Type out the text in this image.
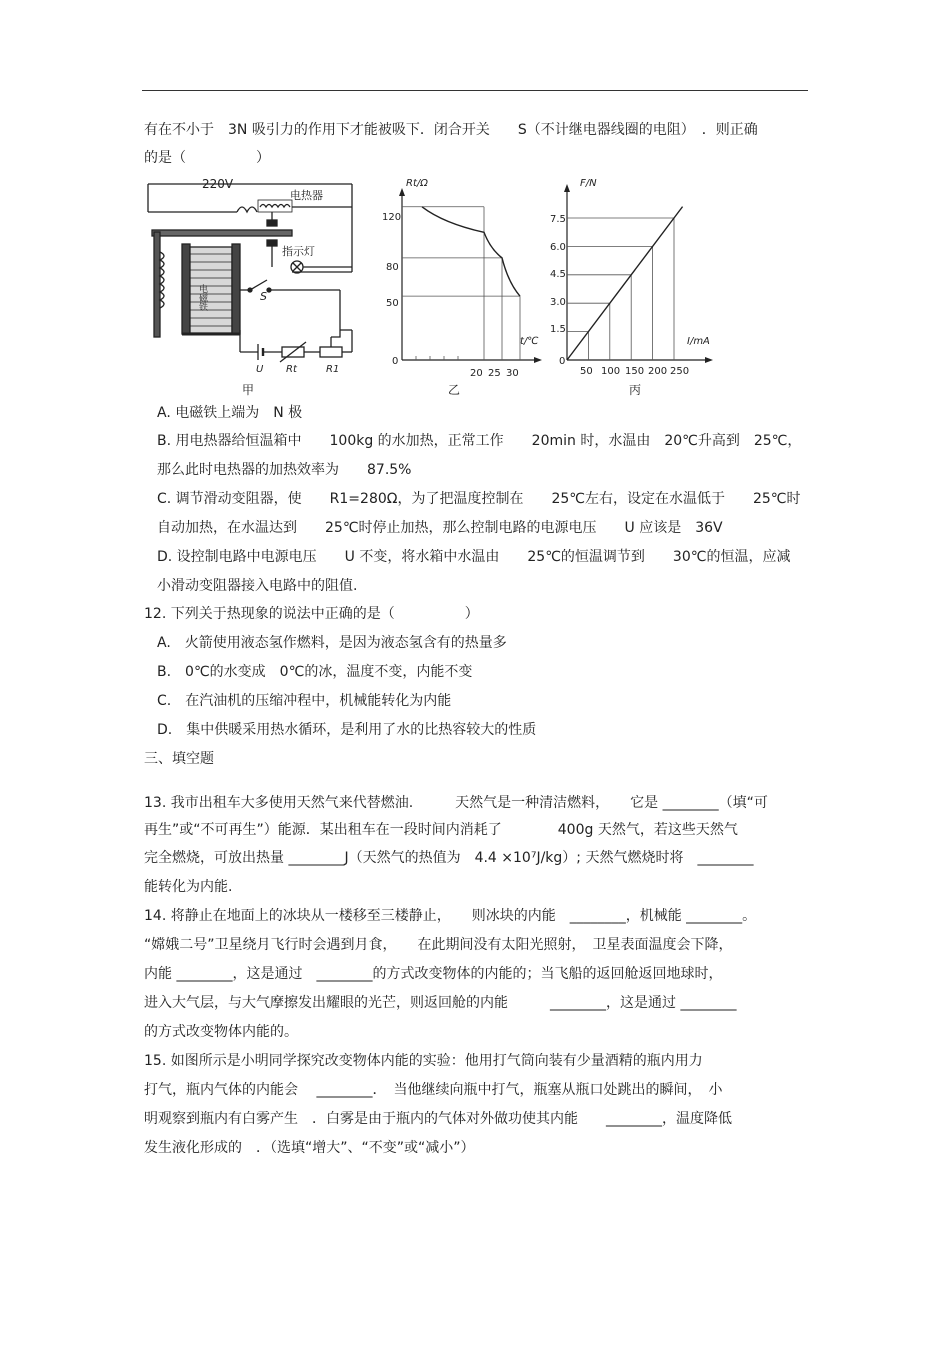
有在不小于　3N 吸引力的作用下才能被吸下．闭合开关　　S（不计继电器线圈的电阻）　．则正确
的是（　　　　　）
220V
电热器
指示灯
S
电磁铁
U Rt	R1
甲
Rt/Ω
t/℃
120
80
50
0
20 25 30
乙
F/N
I/mA
7.5
6.0
4.5
3.0
1.5
0
50 100 150 200 250
丙
A. 电磁铁上端为　N 极
B. 用电热器给恒温箱中　　100kg 的水加热，正常工作　　20min 时，水温由　20℃升高到　25℃，
那么此时电热器的加热效率为　　87.5%
C. 调节滑动变阻器，使　　R1=280Ω，为了把温度控制在　　25℃左右，设定在水温低于　　25℃时
自动加热，在水温达到　　25℃时停止加热，那么控制电路的电源电压　　U 应该是　36V
D. 设控制电路中电源电压　　U 不变，将水箱中水温由　　25℃的恒温调节到　　30℃的恒温，应减
小滑动变阻器接入电路中的阻值.
12. 下列关于热现象的说法中正确的是（　　　　　）
A.　火箭使用液态氢作燃料，是因为液态氢含有的热量多
B.　0℃的水变成　0℃的冰，温度不变，内能不变
C.　在汽油机的压缩冲程中，机械能转化为内能
D.　集中供暖采用热水循环，是利用了水的比热容较大的性质
三、填空题
13. 我市出租车大多使用天然气来代替燃油.　　　天然气是一种清洁燃料，　　它是 ________（填“可
再生”或“不可再生”）能源．某出租车在一段时间内消耗了　　　　400g 天然气，若这些天然气
完全燃烧，可放出热量 ________J（天然气的热值为　4.4 ×10⁷J/kg）; 天然气燃烧时将　________
能转化为内能.
14. 将静止在地面上的冰块从一楼移至三楼静止，　　则冰块的内能　________，机械能 ________。
“嫦娥二号”卫星绕月飞行时会遇到月食，　　在此期间没有太阳光照射，　卫星表面温度会下降，
内能 ________，这是通过　________的方式改变物体的内能的；当飞船的返回舱返回地球时，
进入大气层，与大气摩擦发出耀眼的光芒，则返回舱的内能　　　________，这是通过 ________
的方式改变物体内能的。
15. 如图所示是小明同学探究改变物体内能的实验：他用打气筒向装有少量酒精的瓶内用力
打气，瓶内气体的内能会　 ________．　当他继续向瓶中打气，瓶塞从瓶口处跳出的瞬间，　小
明观察到瓶内有白雾产生　．白雾是由于瓶内的气体对外做功使其内能　　________，温度降低
发生液化形成的　．（选填“增大”、“不变”或“减小”）
